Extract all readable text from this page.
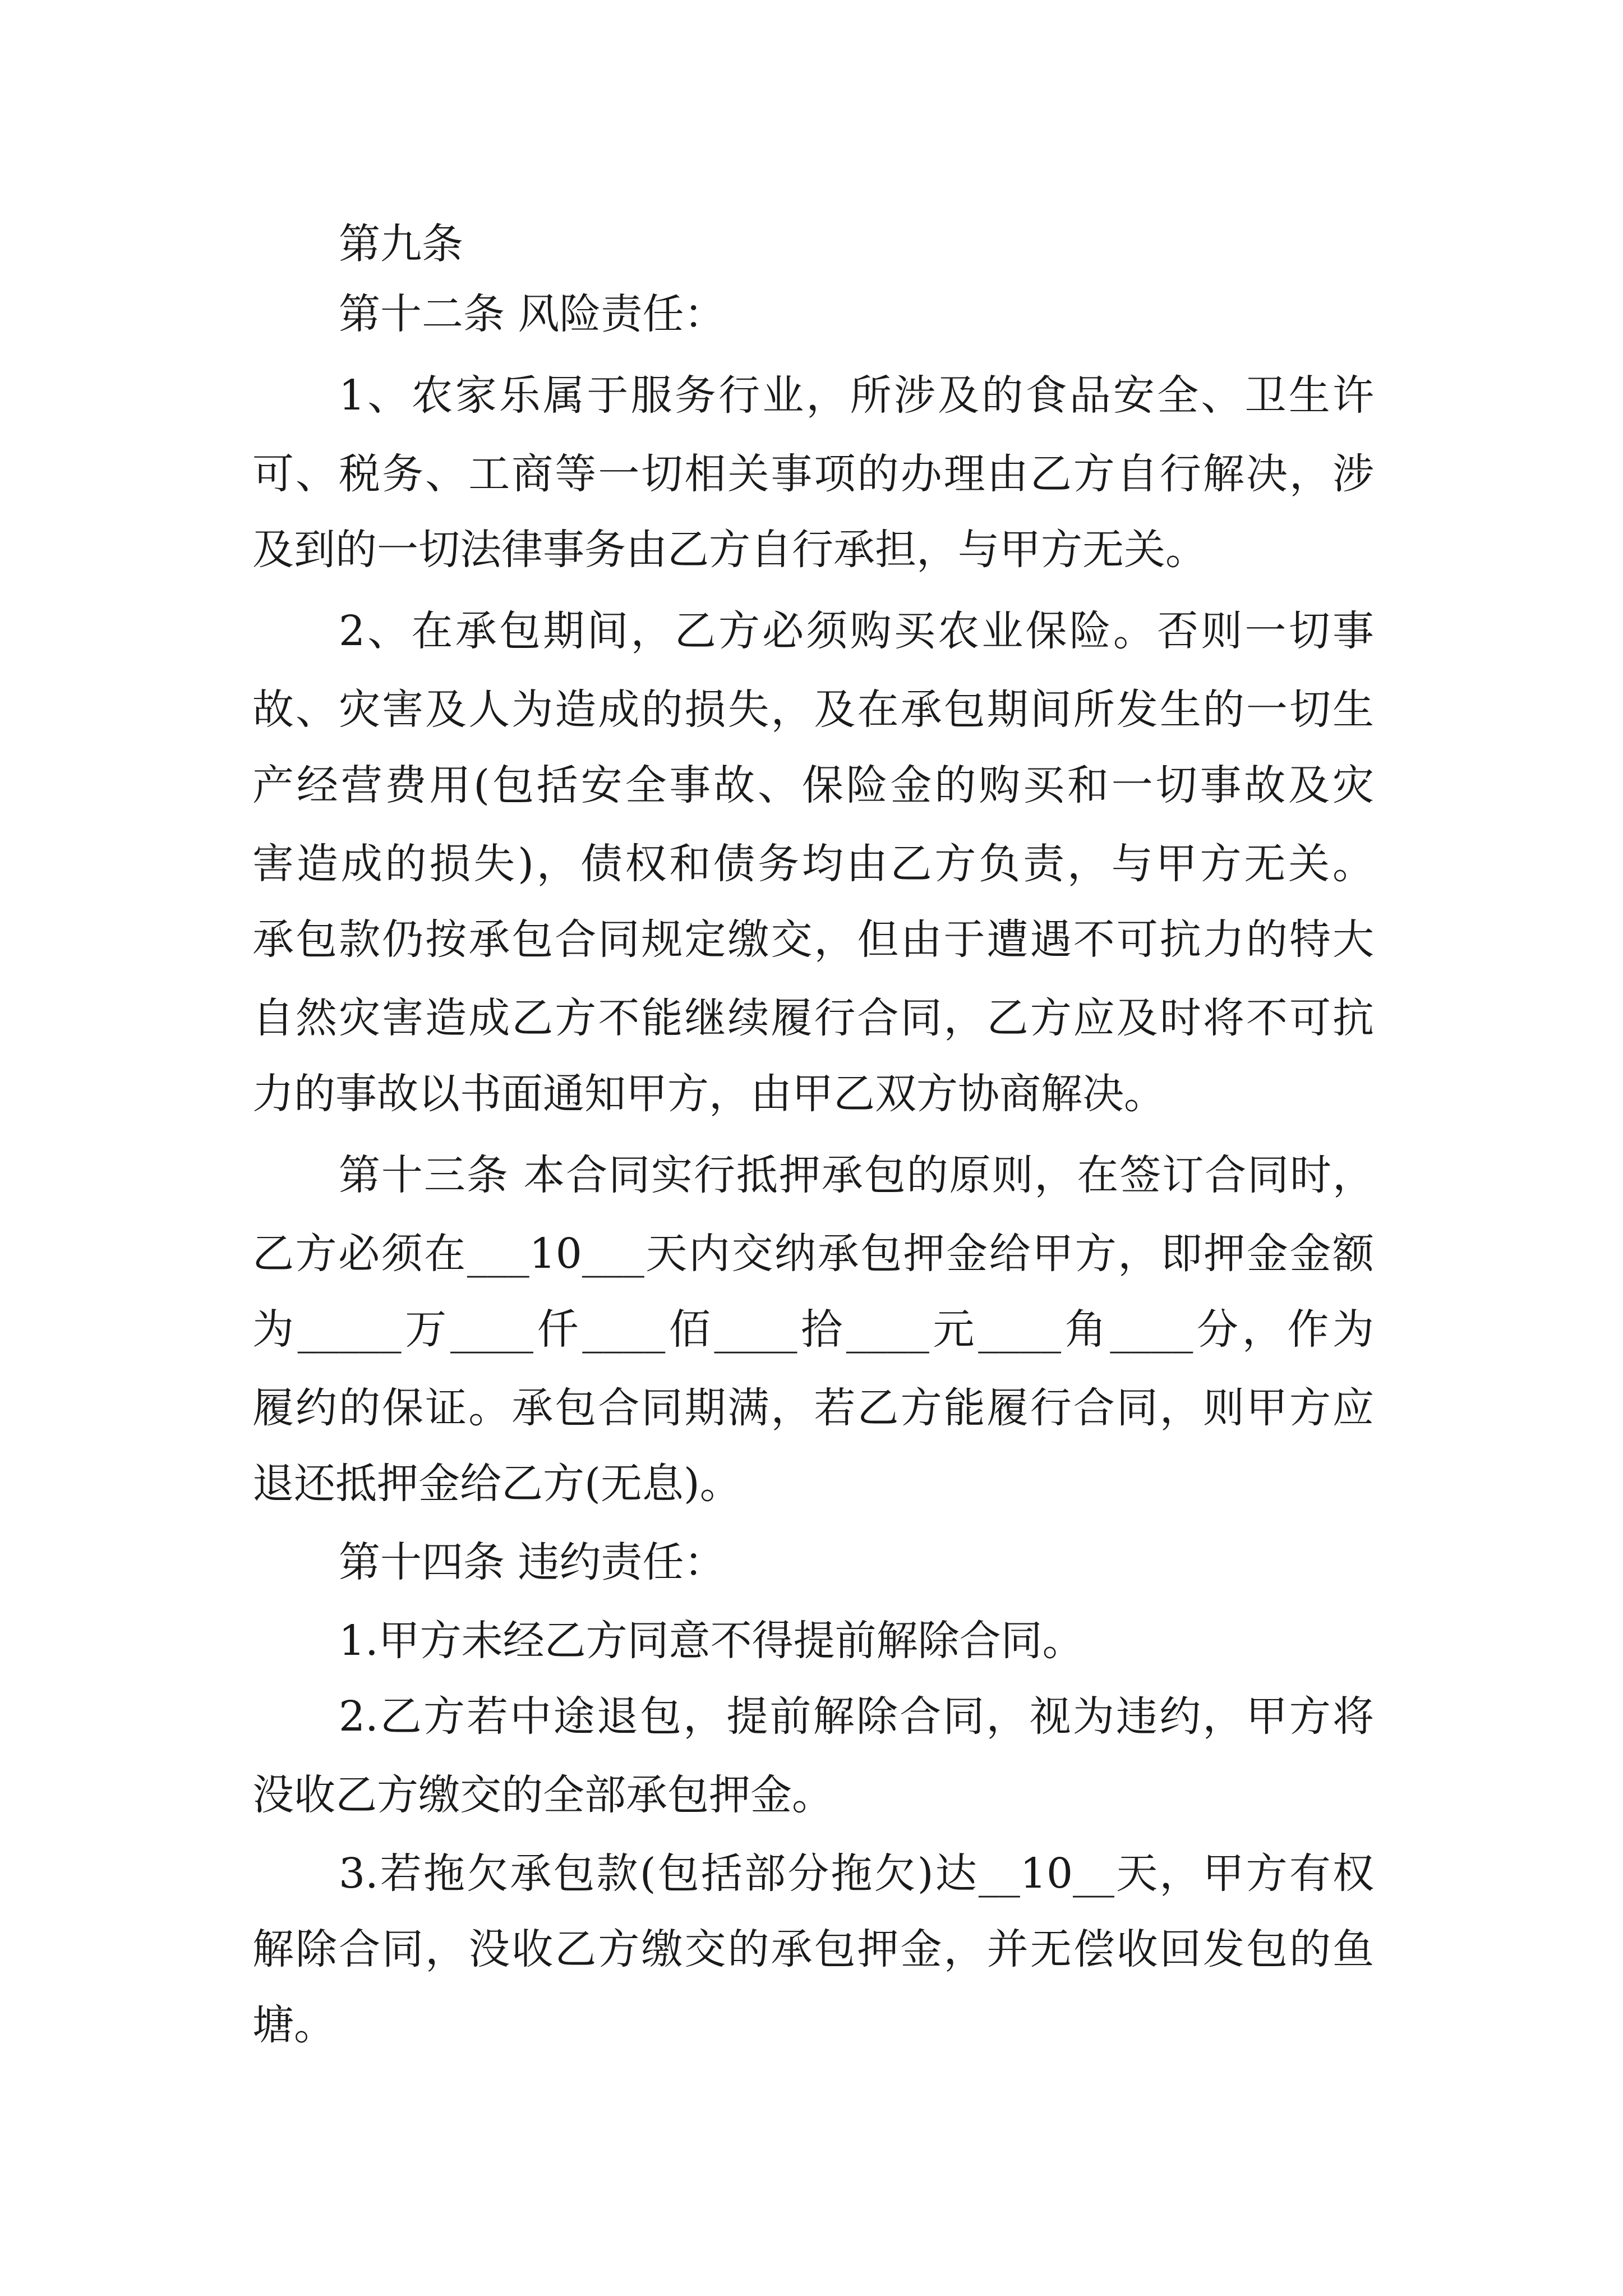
第九条
第十二条 风险责任：
1、农家乐属于服务行业，所涉及的食品安全、卫生许
可、税务、工商等一切相关事项的办理由乙方自行解决，涉
及到的一切法律事务由乙方自行承担，与甲方无关。
2、在承包期间，乙方必须购买农业保险。否则一切事
故、灾害及人为造成的损失，及在承包期间所发生的一切生
产经营费用(包括安全事故、保险金的购买和一切事故及灾
害造成的损失)，债权和债务均由乙方负责，与甲方无关。
承包款仍按承包合同规定缴交，但由于遭遇不可抗力的特大
自然灾害造成乙方不能继续履行合同，乙方应及时将不可抗
力的事故以书面通知甲方，由甲乙双方协商解决。
第十三条 本合同实行抵押承包的原则，在签订合同时，
乙方必须在___10___天内交纳承包押金给甲方，即押金金额
为_____万____仟____佰____拾____元____角____分，作为
履约的保证。承包合同期满，若乙方能履行合同，则甲方应
退还抵押金给乙方(无息)。
第十四条 违约责任：
1.甲方未经乙方同意不得提前解除合同。
2.乙方若中途退包，提前解除合同，视为违约，甲方将
没收乙方缴交的全部承包押金。
3.若拖欠承包款(包括部分拖欠)达__10__天，甲方有权
解除合同，没收乙方缴交的承包押金，并无偿收回发包的鱼
塘。
